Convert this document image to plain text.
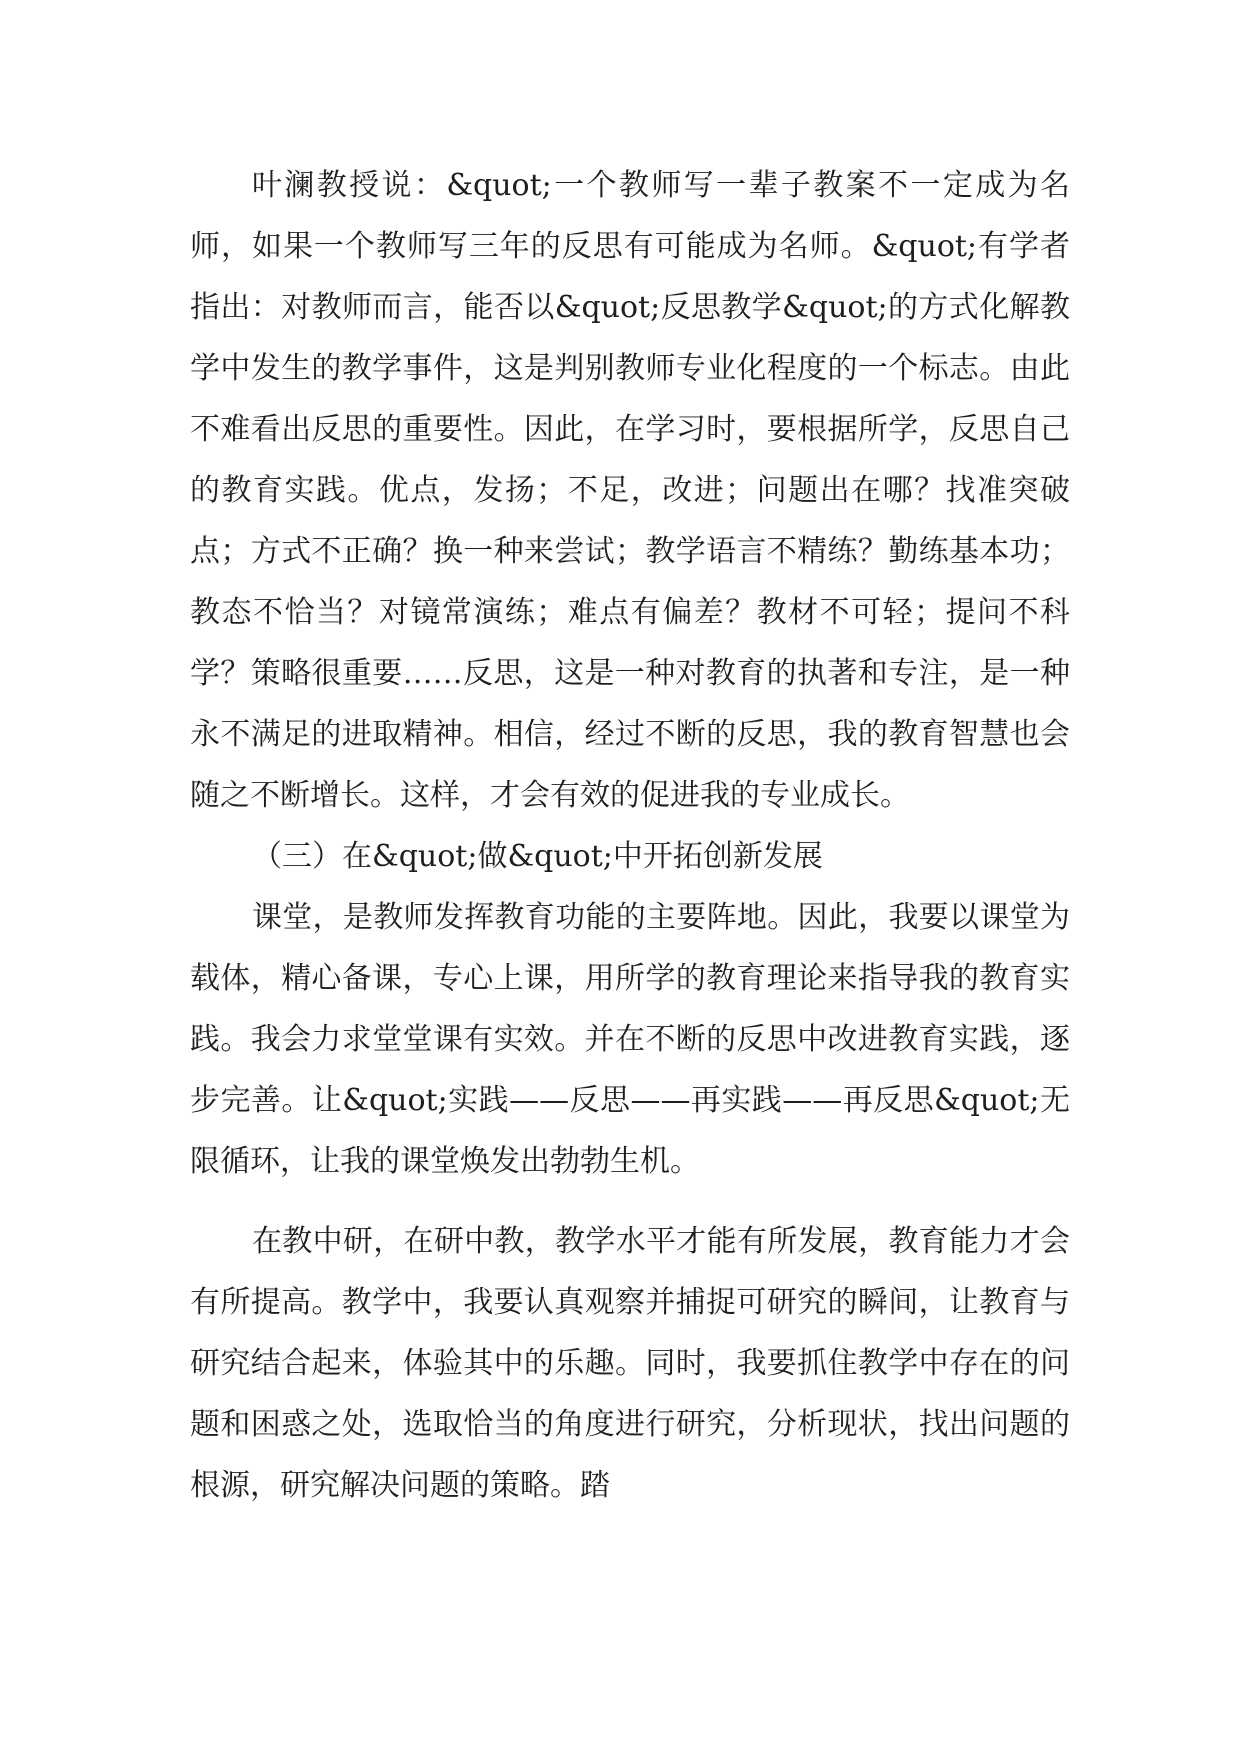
叶澜教授说：&quot;一个教师写一辈子教案不一定成为名师，如果一个教师写三年的反思有可能成为名师。&quot;有学者指出：对教师而言，能否以&quot;反思教学&quot;的方式化解教学中发生的教学事件，这是判别教师专业化程度的一个标志。由此不难看出反思的重要性。因此，在学习时，要根据所学，反思自己的教育实践。优点，发扬；不足，改进；问题出在哪？找准突破点；方式不正确？换一种来尝试；教学语言不精练？勤练基本功；教态不恰当？对镜常演练；难点有偏差？教材不可轻；提问不科学？策略很重要……反思，这是一种对教育的执著和专注，是一种永不满足的进取精神。相信，经过不断的反思，我的教育智慧也会随之不断增长。这样，才会有效的促进我的专业成长。

（三）在&quot;做&quot;中开拓创新发展

课堂，是教师发挥教育功能的主要阵地。因此，我要以课堂为载体，精心备课，专心上课，用所学的教育理论来指导我的教育实践。我会力求堂堂课有实效。并在不断的反思中改进教育实践，逐步完善。让&quot;实践——反思——再实践——再反思&quot;无限循环，让我的课堂焕发出勃勃生机。

在教中研，在研中教，教学水平才能有所发展，教育能力才会有所提高。教学中，我要认真观察并捕捉可研究的瞬间，让教育与研究结合起来，体验其中的乐趣。同时，我要抓住教学中存在的问题和困惑之处，选取恰当的角度进行研究，分析现状，找出问题的根源，研究解决问题的策略。踏
